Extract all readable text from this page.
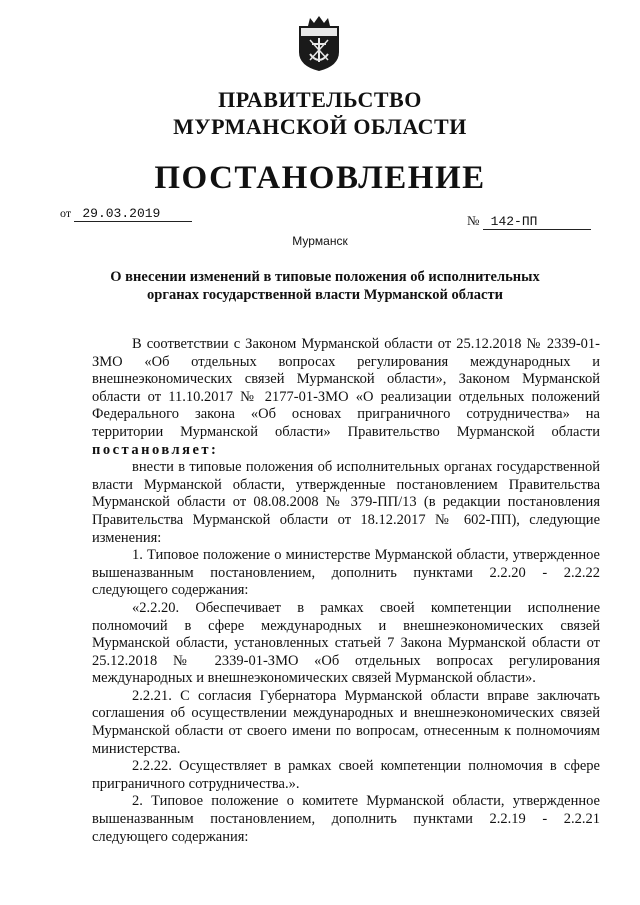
ПРАВИТЕЛЬСТВО
МУРМАНСКОЙ ОБЛАСТИ
ПОСТАНОВЛЕНИЕ
от 29.03.2019	№ 142-ПП
Мурманск
О внесении изменений в типовые положения об исполнительных
органах государственной власти Мурманской области

В соответствии с Законом Мурманской области от 25.12.2018 № 2339-01-ЗМО «Об отдельных вопросах регулирования международных и внешнеэкономических связей Мурманской области», Законом Мурманской области от 11.10.2017 № 2177-01-ЗМО «О реализации отдельных положений Федерального закона «Об основах приграничного сотрудничества» на территории Мурманской области» Правительство Мурманской области постановляет:

внести в типовые положения об исполнительных органах государственной власти Мурманской области, утвержденные постановлением Правительства Мурманской области от 08.08.2008 № 379-ПП/13 (в редакции постановления Правительства Мурманской области от 18.12.2017 № 602-ПП), следующие изменения:

1. Типовое положение о министерстве Мурманской области, утвержденное вышеназванным постановлением, дополнить пунктами 2.2.20 - 2.2.22 следующего содержания:

«2.2.20. Обеспечивает в рамках своей компетенции исполнение полномочий в сфере международных и внешнеэкономических связей Мурманской области, установленных статьей 7 Закона Мурманской области от 25.12.2018 № 2339-01-ЗМО «Об отдельных вопросах регулирования международных и внешнеэкономических связей Мурманской области».

2.2.21. С согласия Губернатора Мурманской области вправе заключать соглашения об осуществлении международных и внешнеэкономических связей Мурманской области от своего имени по вопросам, отнесенным к полномочиям министерства.

2.2.22. Осуществляет в рамках своей компетенции полномочия в сфере приграничного сотрудничества.».

2. Типовое положение о комитете Мурманской области, утвержденное вышеназванным постановлением, дополнить пунктами 2.2.19 - 2.2.21 следующего содержания:
